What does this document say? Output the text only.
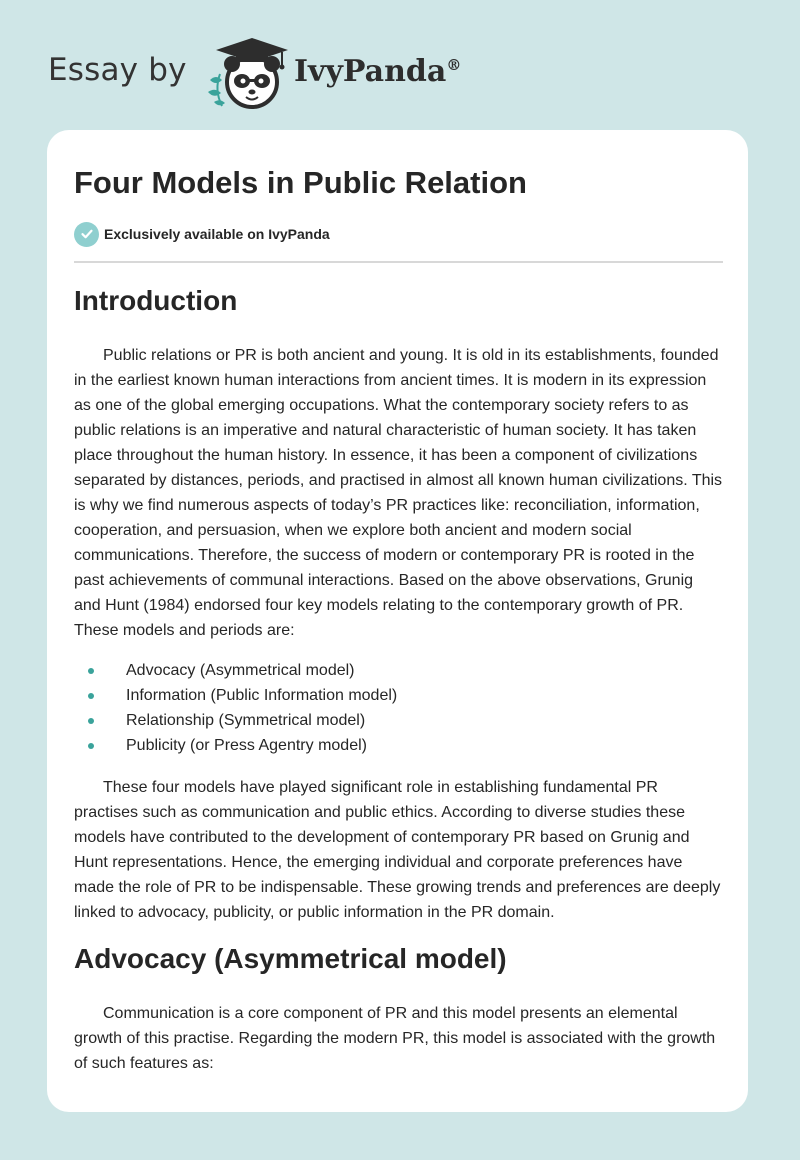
Essay by	IvyPanda®
Four Models in Public Relation
Exclusively available on IvyPanda
Introduction

Public relations or PR is both ancient and young. It is old in its establishments, founded in the earliest known human interactions from ancient times. It is modern in its expression as one of the global emerging occupations. What the contemporary society refers to as public relations is an imperative and natural characteristic of human society. It has taken place throughout the human history. In essence, it has been a component of civilizations separated by distances, periods, and practised in almost all known human civilizations. This is why we find numerous aspects of today’s PR practices like: reconciliation, information, cooperation, and persuasion, when we explore both ancient and modern social communications. Therefore, the success of modern or contemporary PR is rooted in the past achievements of communal interactions. Based on the above observations, Grunig and Hunt (1984) endorsed four key models relating to the contemporary growth of PR. These models and periods are:

Advocacy (Asymmetrical model)
Information (Public Information model)
Relationship (Symmetrical model)
Publicity (or Press Agentry model)

These four models have played significant role in establishing fundamental PR practises such as communication and public ethics. According to diverse studies these models have contributed to the development of contemporary PR based on Grunig and Hunt representations. Hence, the emerging individual and corporate preferences have made the role of PR to be indispensable. These growing trends and preferences are deeply linked to advocacy, publicity, or public information in the PR domain.

Advocacy (Asymmetrical model)

Communication is a core component of PR and this model presents an elemental growth of this practise. Regarding the modern PR, this model is associated with the growth of such features as:
